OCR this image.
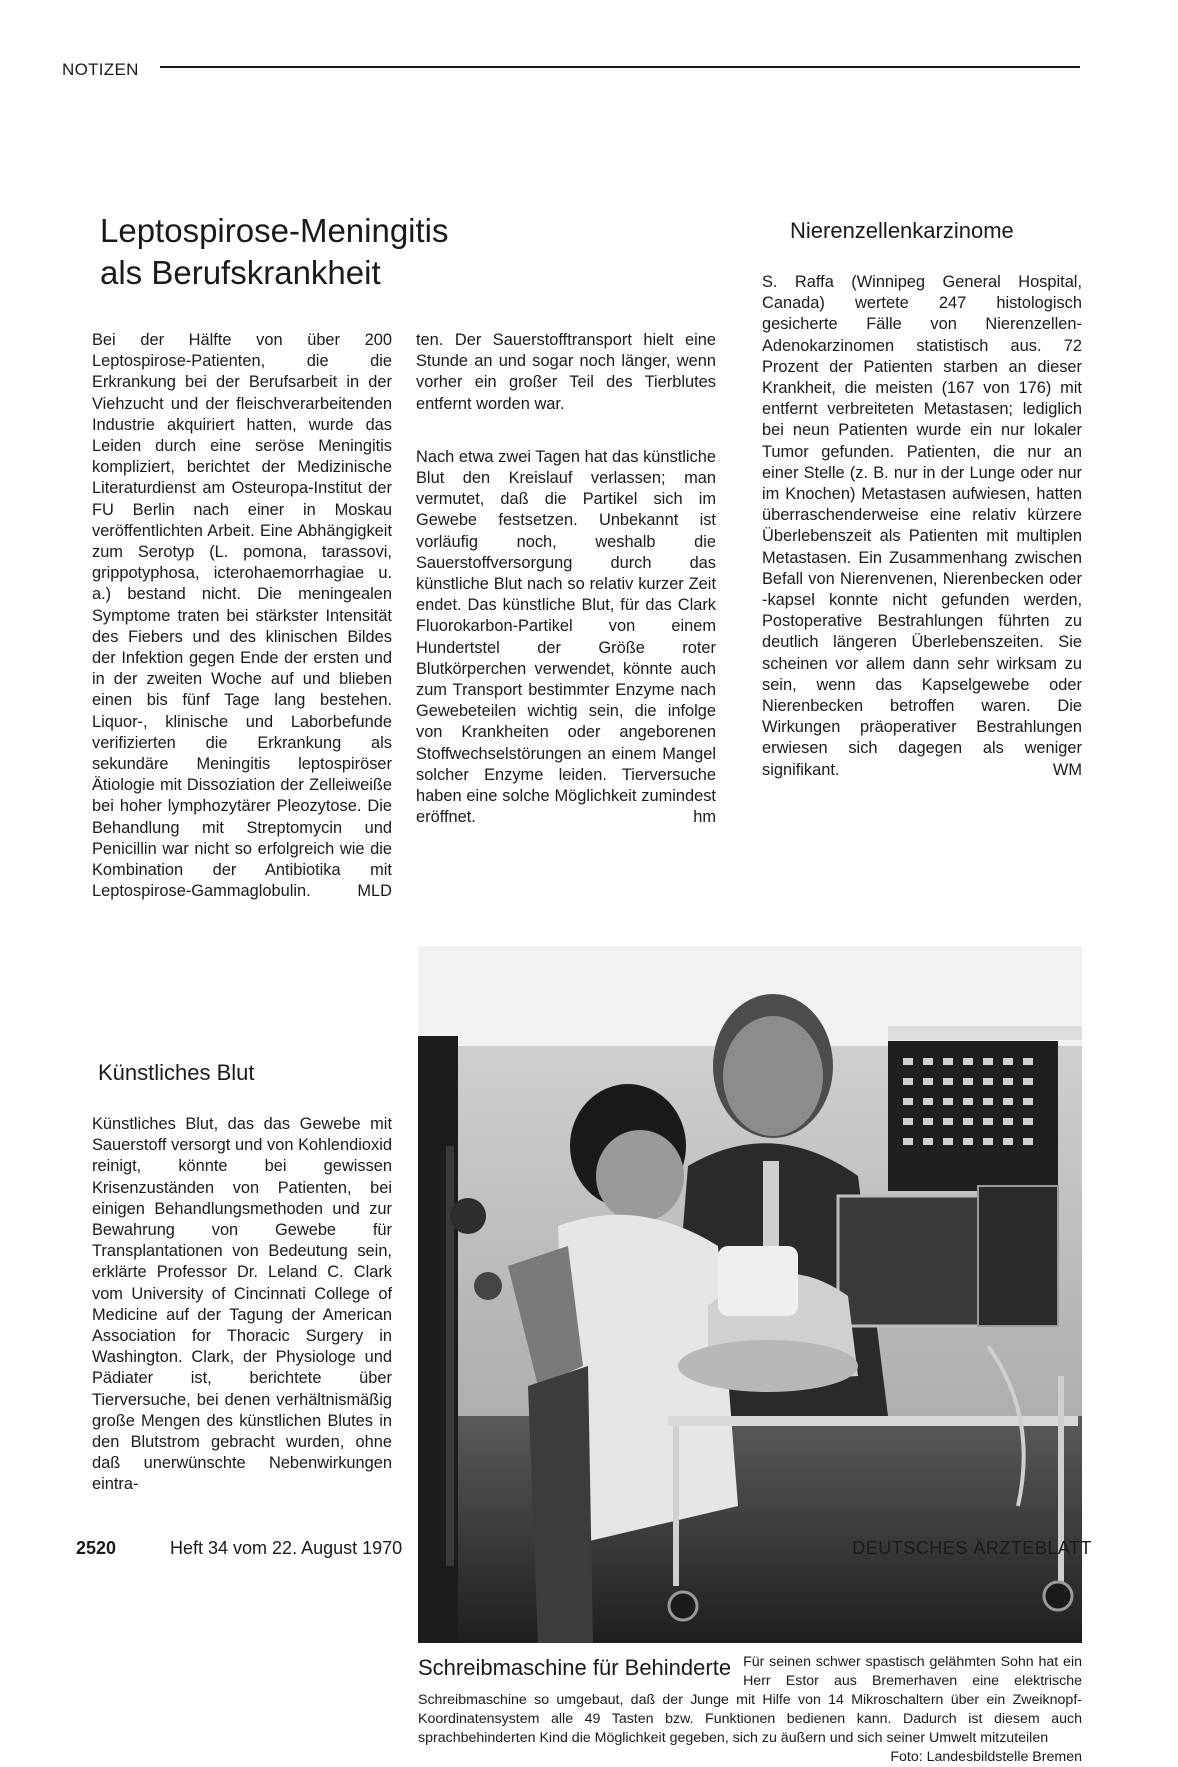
NOTIZEN
Leptospirose-Meningitis
als Berufskrankheit

Bei der Hälfte von über 200 Leptospirose-Patienten, die die Erkrankung bei der Berufsarbeit in der Viehzucht und der fleischverarbeitenden Industrie akquiriert hatten, wurde das Leiden durch eine seröse Meningitis kompliziert, berichtet der Medizinische Literaturdienst am Osteuropa-Institut der FU Berlin nach einer in Moskau veröffentlichten Arbeit. Eine Abhängigkeit zum Serotyp (L. pomona, tarassovi, grippotyphosa, icterohaemorrhagiae u. a.) bestand nicht. Die meningealen Symptome traten bei stärkster Intensität des Fiebers und des klinischen Bildes der Infektion gegen Ende der ersten und in der zweiten Woche auf und blieben einen bis fünf Tage lang bestehen. Liquor-, klinische und Laborbefunde verifizierten die Erkrankung als sekundäre Meningitis leptospiröser Ätiologie mit Dissoziation der Zelleiweiße bei hoher lymphozytärer Pleozytose. Die Behandlung mit Streptomycin und Penicillin war nicht so erfolgreich wie die Kombination der Antibiotika mit Leptospirose-Gammaglobulin.	MLD

ten. Der Sauerstofftransport hielt eine Stunde an und sogar noch länger, wenn vorher ein großer Teil des Tierblutes entfernt worden war.

Nach etwa zwei Tagen hat das künstliche Blut den Kreislauf verlassen; man vermutet, daß die Partikel sich im Gewebe festsetzen. Unbekannt ist vorläufig noch, weshalb die Sauerstoffversorgung durch das künstliche Blut nach so relativ kurzer Zeit endet. Das künstliche Blut, für das Clark Fluorokarbon-Partikel von einem Hundertstel der Größe roter Blutkörperchen verwendet, könnte auch zum Transport bestimmter Enzyme nach Gewebeteilen wichtig sein, die infolge von Krankheiten oder angeborenen Stoffwechselstörungen an einem Mangel solcher Enzyme leiden. Tierversuche haben eine solche Möglichkeit zumindest eröffnet.	hm

Nierenzellenkarzinome

S. Raffa (Winnipeg General Hospital, Canada) wertete 247 histologisch gesicherte Fälle von Nierenzellen-Adenokarzinomen statistisch aus. 72 Prozent der Patienten starben an dieser Krankheit, die meisten (167 von 176) mit entfernt verbreiteten Metastasen; lediglich bei neun Patienten wurde ein nur lokaler Tumor gefunden. Patienten, die nur an einer Stelle (z. B. nur in der Lunge oder nur im Knochen) Metastasen aufwiesen, hatten überraschenderweise eine relativ kürzere Überlebenszeit als Patienten mit multiplen Metastasen. Ein Zusammenhang zwischen Befall von Nierenvenen, Nierenbecken oder -kapsel konnte nicht gefunden werden, Postoperative Bestrahlungen führten zu deutlich längeren Überlebenszeiten. Sie scheinen vor allem dann sehr wirksam zu sein, wenn das Kapselgewebe oder Nierenbecken betroffen waren. Die Wirkungen präoperativer Bestrahlungen erwiesen sich dagegen als weniger signifikant.	WM

Künstliches Blut

Künstliches Blut, das das Gewebe mit Sauerstoff versorgt und von Kohlendioxid reinigt, könnte bei gewissen Krisenzuständen von Patienten, bei einigen Behandlungsmethoden und zur Bewahrung von Gewebe für Transplantationen von Bedeutung sein, erklärte Professor Dr. Leland C. Clark vom University of Cincinnati College of Medicine auf der Tagung der American Association for Thoracic Surgery in Washington. Clark, der Physiologe und Pädiater ist, berichtete über Tierversuche, bei denen verhältnismäßig große Mengen des künstlichen Blutes in den Blutstrom gebracht wurden, ohne daß unerwünschte Nebenwirkungen eintra-

Schreibmaschine für Behinderte Für seinen schwer spastisch gelähmten Sohn hat ein Herr Estor aus Bremerhaven eine elektrische Schreibmaschine so umgebaut, daß der Junge mit Hilfe von 14 Mikroschaltern über ein Zweiknopf-Koordinatensystem alle 49 Tasten bzw. Funktionen bedienen kann. Dadurch ist diesem auch sprachbehinderten Kind die Möglichkeit gegeben, sich zu äußern und sich seiner Umwelt mitzuteilen
Foto: Landesbildstelle Bremen
2520	Heft 34 vom 22. August 1970	DEUTSCHES ÄRZTEBLATT
